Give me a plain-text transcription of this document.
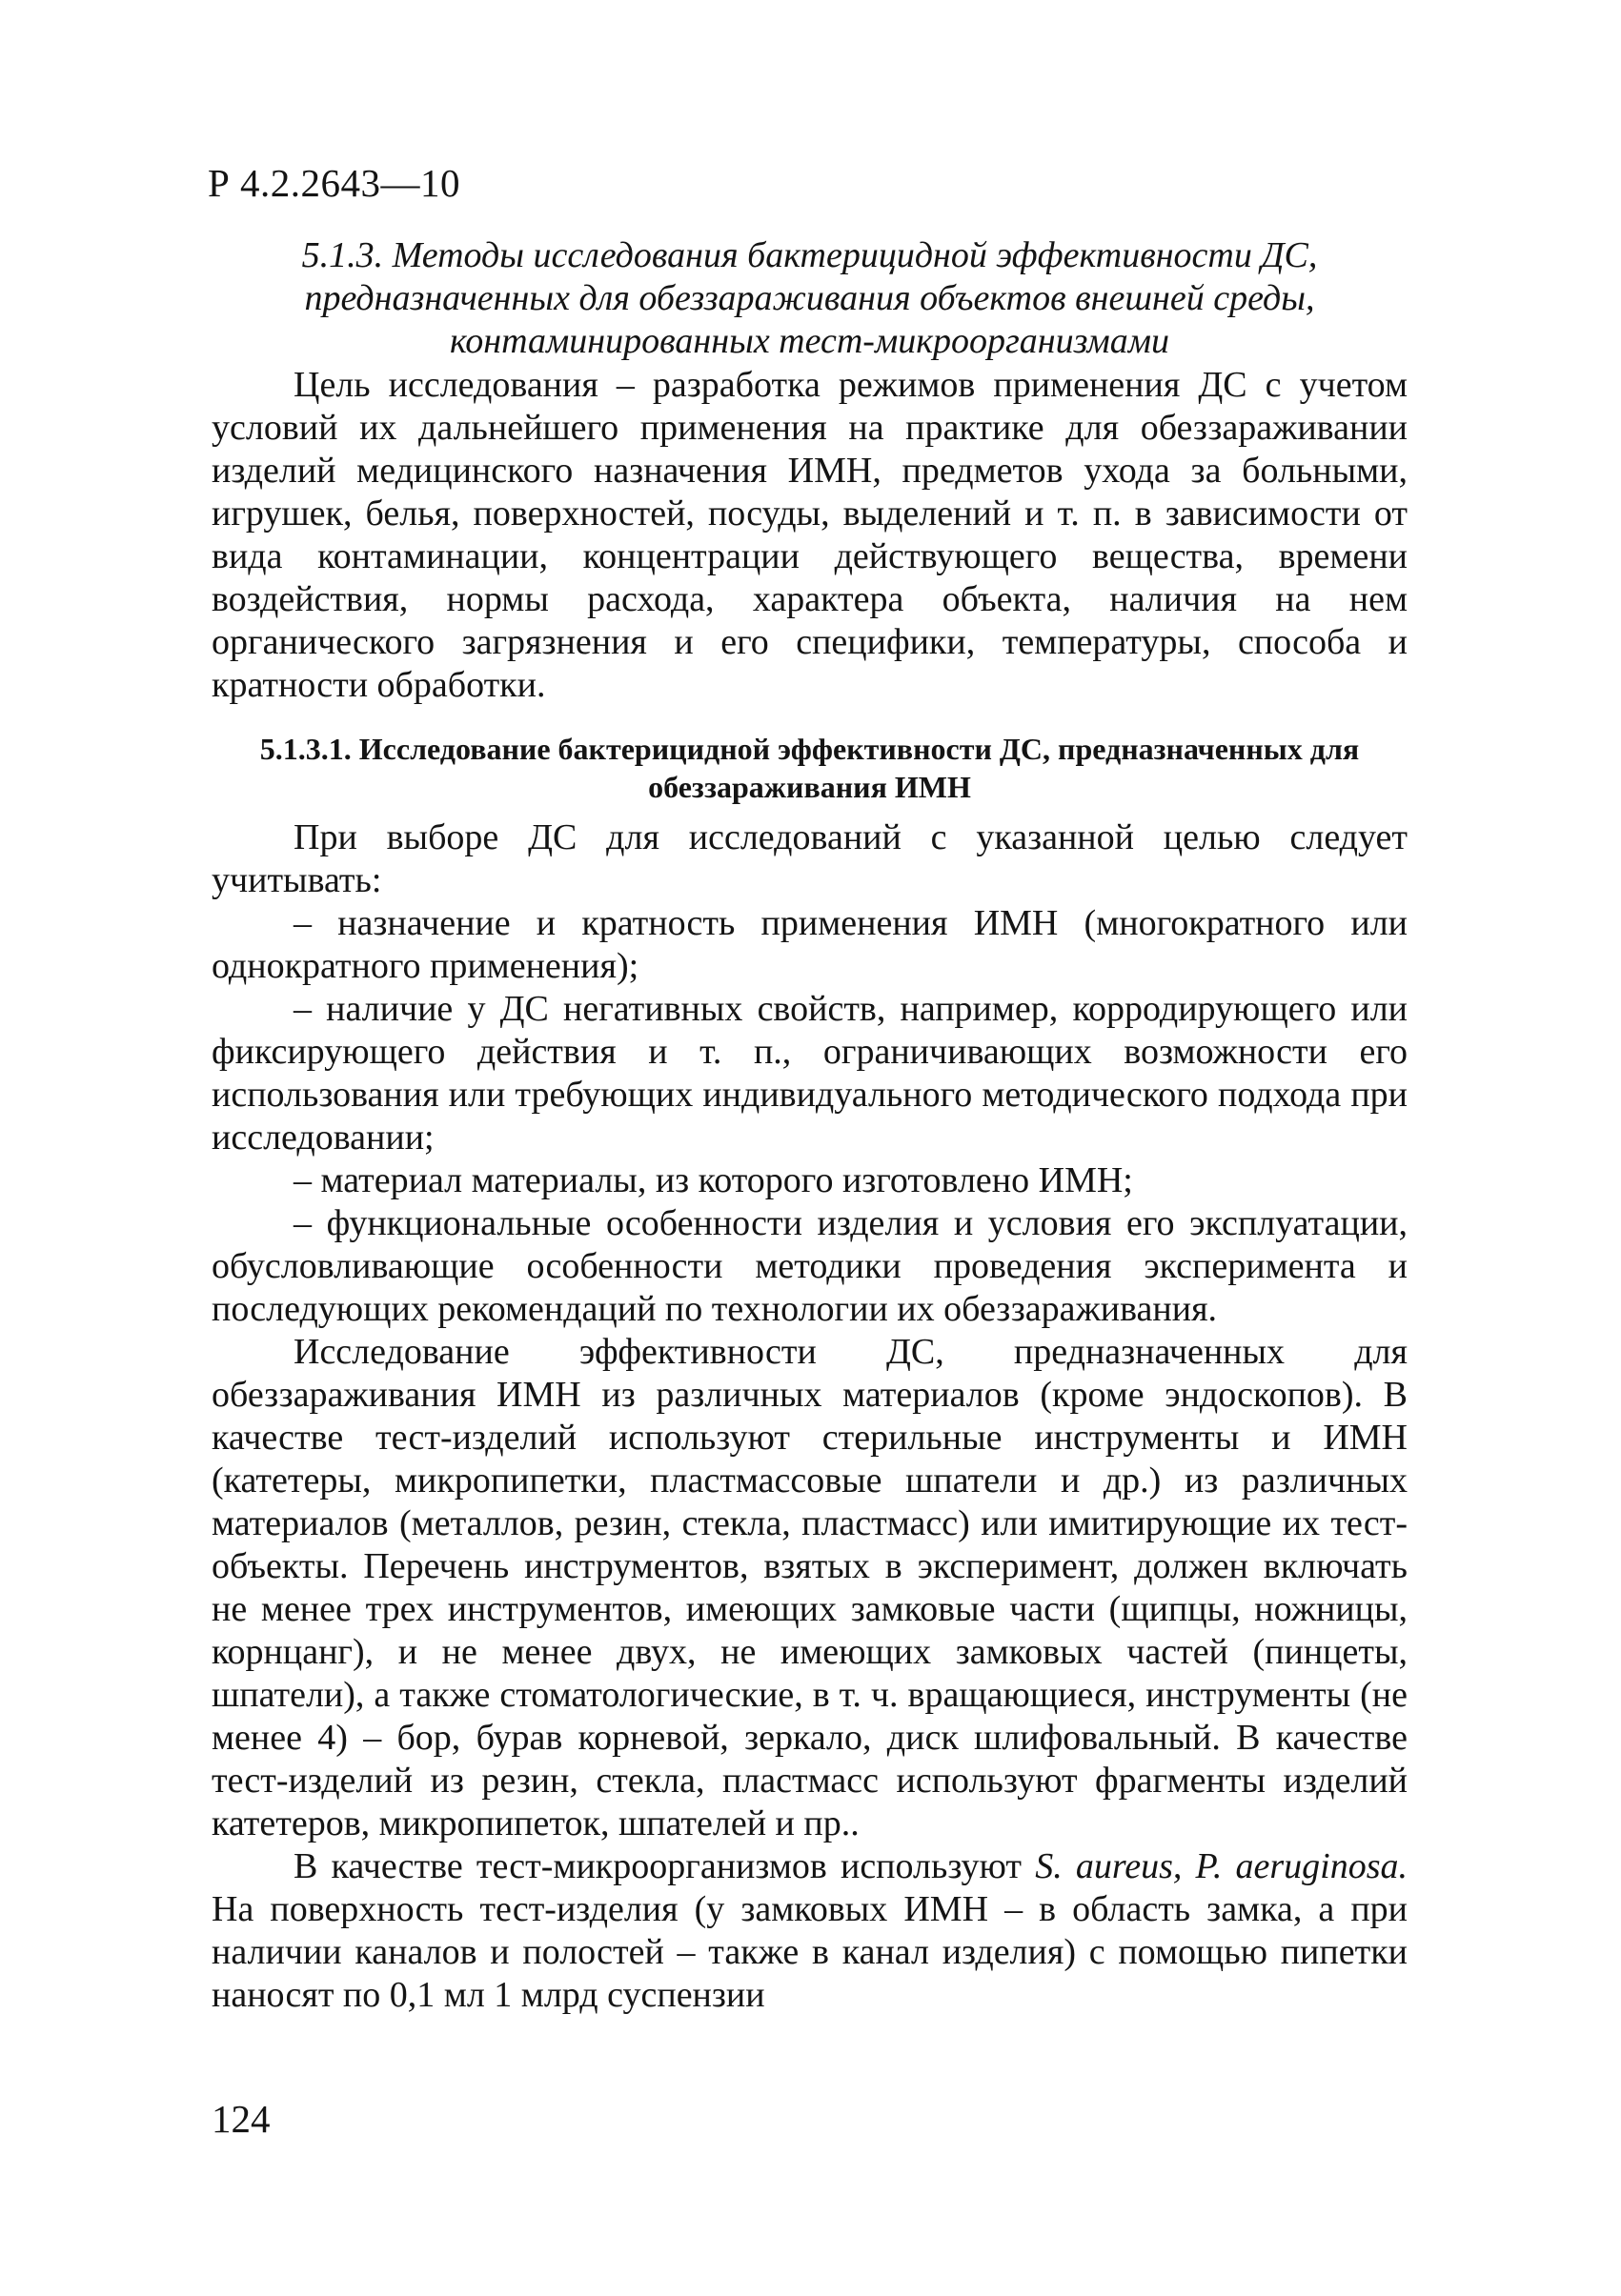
Р 4.2.2643—10
5.1.3. Методы исследования бактерицидной эффективности ДС, предназначенных для обеззараживания объектов внешней среды, контаминированных тест-микроорганизмами

Цель исследования – разработка режимов применения ДС с учетом условий их дальнейшего применения на практике для обеззараживании изделий медицинского назначения ИМН, предметов ухода за больными, игрушек, белья, поверхностей, посуды, выделений и т. п. в зависимости от вида контаминации, концентрации действующего вещества, времени воздействия, нормы расхода, характера объекта, наличия на нем органического загрязнения и его специфики, температуры, способа и кратности обработки.

5.1.3.1. Исследование бактерицидной эффективности ДС, предназначенных для обеззараживания ИМН

При выборе ДС для исследований с указанной целью следует учитывать:

– назначение и кратность применения ИМН (многократного или однократного применения);

– наличие у ДС негативных свойств, например, корродирующего или фиксирующего действия и т. п., ограничивающих возможности его использования или требующих индивидуального методического подхода при исследовании;

– материал материалы, из которого изготовлено ИМН;

– функциональные особенности изделия и условия его эксплуатации, обусловливающие особенности методики проведения эксперимента и последующих рекомендаций по технологии их обеззараживания.

Исследование эффективности ДС, предназначенных для обеззараживания ИМН из различных материалов (кроме эндоскопов). В качестве тест-изделий используют стерильные инструменты и ИМН (катетеры, микропипетки, пластмассовые шпатели и др.) из различных материалов (металлов, резин, стекла, пластмасс) или имитирующие их тест-объекты. Перечень инструментов, взятых в эксперимент, должен включать не менее трех инструментов, имеющих замковые части (щипцы, ножницы, корнцанг), и не менее двух, не имеющих замковых частей (пинцеты, шпатели), а также стоматологические, в т. ч. вращающиеся, инструменты (не менее 4) – бор, бурав корневой, зеркало, диск шлифовальный. В качестве тест-изделий из резин, стекла, пластмасс используют фрагменты изделий катетеров, микропипеток, шпателей и пр..

В качестве тест-микроорганизмов используют S. aureus, P. aeruginosa. На поверхность тест-изделия (у замковых ИМН – в область замка, а при наличии каналов и полостей – также в канал изделия) с помощью пипетки наносят по 0,1 мл 1 млрд суспензии

124
